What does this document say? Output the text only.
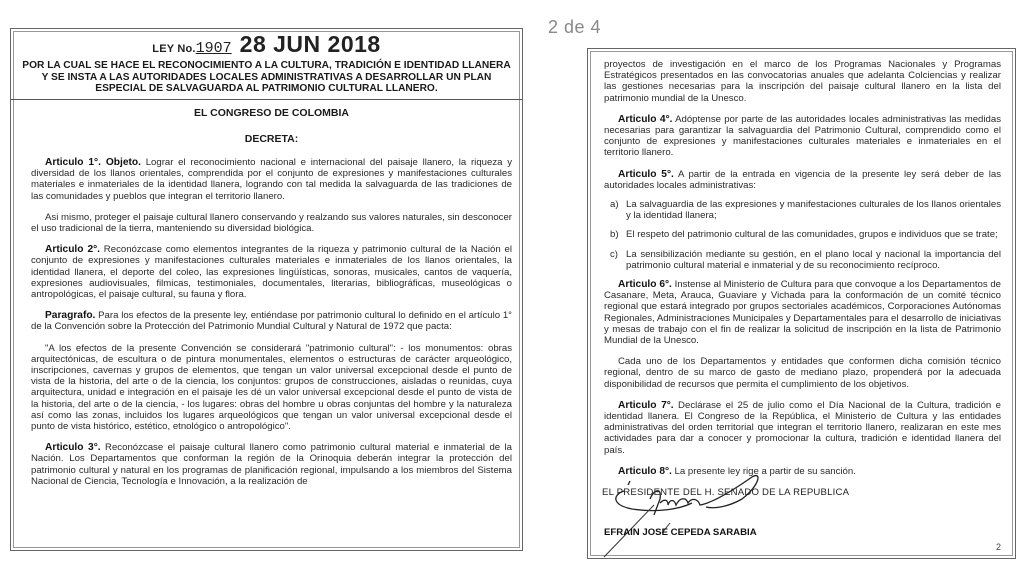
2 de 4
LEY No.1907 28 JUN 2018
POR LA CUAL SE HACE EL RECONOCIMIENTO A LA CULTURA, TRADICIÓN E IDENTIDAD LLANERA Y SE INSTA A LAS AUTORIDADES LOCALES ADMINISTRATIVAS A DESARROLLAR UN PLAN ESPECIAL DE SALVAGUARDA AL PATRIMONIO CULTURAL LLANERO.
EL CONGRESO DE COLOMBIA
DECRETA:

Articulo 1°. Objeto. Lograr el reconocimiento nacional e internacional del paisaje llanero, la riqueza y diversidad de los llanos orientales, comprendida por el conjunto de expresiones y manifestaciones culturales materiales e inmateriales de la identidad llanera, logrando con tal medida la salvaguarda de las tradiciones de las comunidades y pueblos que integran el territorio llanero.

Asi mismo, proteger el paisaje cultural llanero conservando y realzando sus valores naturales, sin desconocer el uso tradicional de la tierra, manteniendo su diversidad biológica.

Articulo 2°. Reconózcase como elementos integrantes de la riqueza y patrimonio cultural de la Nación el conjunto de expresiones y manifestaciones culturales materiales e inmateriales de los llanos orientales, la identidad llanera, el deporte del coleo, las expresiones lingüísticas, sonoras, musicales, cantos de vaquería, expresiones audiovisuales, filmicas, testimoniales, documentales, literarias, bibliográficas, museológicas o antropológicas, el paisaje cultural, su fauna y flora.

Paragrafo. Para los efectos de la presente ley, entiéndase por patrimonio cultural lo definido en el artículo 1° de la Convención sobre la Protección del Patrimonio Mundial Cultural y Natural de 1972 que pacta:

"A los efectos de la presente Convención se considerará "patrimonio cultural": - los monumentos: obras arquitectónicas, de escultura o de pintura monumentales, elementos o estructuras de carácter arqueológico, inscripciones, cavernas y grupos de elementos, que tengan un valor universal excepcional desde el punto de vista de la historia, del arte o de la ciencia, los conjuntos: grupos de construcciones, aisladas o reunidas, cuya arquitectura, unidad e integración en el paisaje les dé un valor universal excepcional desde el punto de vista de la historia, del arte o de la ciencia, - los lugares: obras del hombre u obras conjuntas del hombre y la naturaleza así como las zonas, incluidos los lugares arqueológicos que tengan un valor universal excepcional desde el punto de vista histórico, estético, etnológico o antropológico".

Articulo 3°. Reconózcase el paisaje cultural llanero como patrimonio cultural material e inmaterial de la Nación. Los Departamentos que conforman la región de la Orinoquia deberán integrar la protección del patrimonio cultural y natural en los programas de planificación regional, impulsando a los miembros del Sistema Nacional de Ciencia, Tecnología e Innovación, a la realización de

proyectos de investigación en el marco de los Programas Nacionales y Programas Estratégicos presentados en las convocatorias anuales que adelanta Colciencias y realizar las gestiones necesarias para la inscripción del paisaje cultural llanero en la lista del patrimonio mundial de la Unesco.

Articulo 4°. Adóptense por parte de las autoridades locales administrativas las medidas necesarias para garantizar la salvaguardia del Patrimonio Cultural, comprendido como el conjunto de expresiones y manifestaciones culturales materiales e inmateriales en el territorio llanero.

Articulo 5°. A partir de la entrada en vigencia de la presente ley será deber de las autoridades locales administrativas:

a) La salvaguardia de las expresiones y manifestaciones culturales de los llanos orientales y la identidad llanera;
b) El respeto del patrimonio cultural de las comunidades, grupos e individuos que se trate;
c) La sensibilización mediante su gestión, en el plano local y nacional la importancia del patrimonio cultural material e inmaterial y de su reconocimiento recíproco.

Articulo 6°. Instense al Ministerio de Cultura para que convoque a los Departamentos de Casanare, Meta, Arauca, Guaviare y Vichada para la conformación de un comité técnico regional que estará integrado por grupos sectoriales académicos, Corporaciones Autónomas Regionales, Administraciones Municipales y Departamentales para el desarrollo de iniciativas y mesas de trabajo con el fin de realizar la solicitud de inscripción en la lista de Patrimonio Mundial de la Unesco.

Cada uno de los Departamentos y entidades que conformen dicha comisión técnico regional, dentro de su marco de gasto de mediano plazo, propenderá por la adecuada disponibilidad de recursos que permita el cumplimiento de los objetivos.

Articulo 7°. Declárase el 25 de julio como el Día Nacional de la Cultura, tradición e identidad llanera. El Congreso de la República, el Ministerio de Cultura y las entidades administrativas del orden territorial que integran el territorio llanero, realizaran en este mes actividades para dar a conocer y promocionar la cultura, tradición e identidad llanera del país.

Articulo 8°. La presente ley rige a partir de su sanción.

EL PRESIDENTE DEL H. SENADO DE LA REPUBLICA
EFRAIN JOSE CEPEDA SARABIA
2
